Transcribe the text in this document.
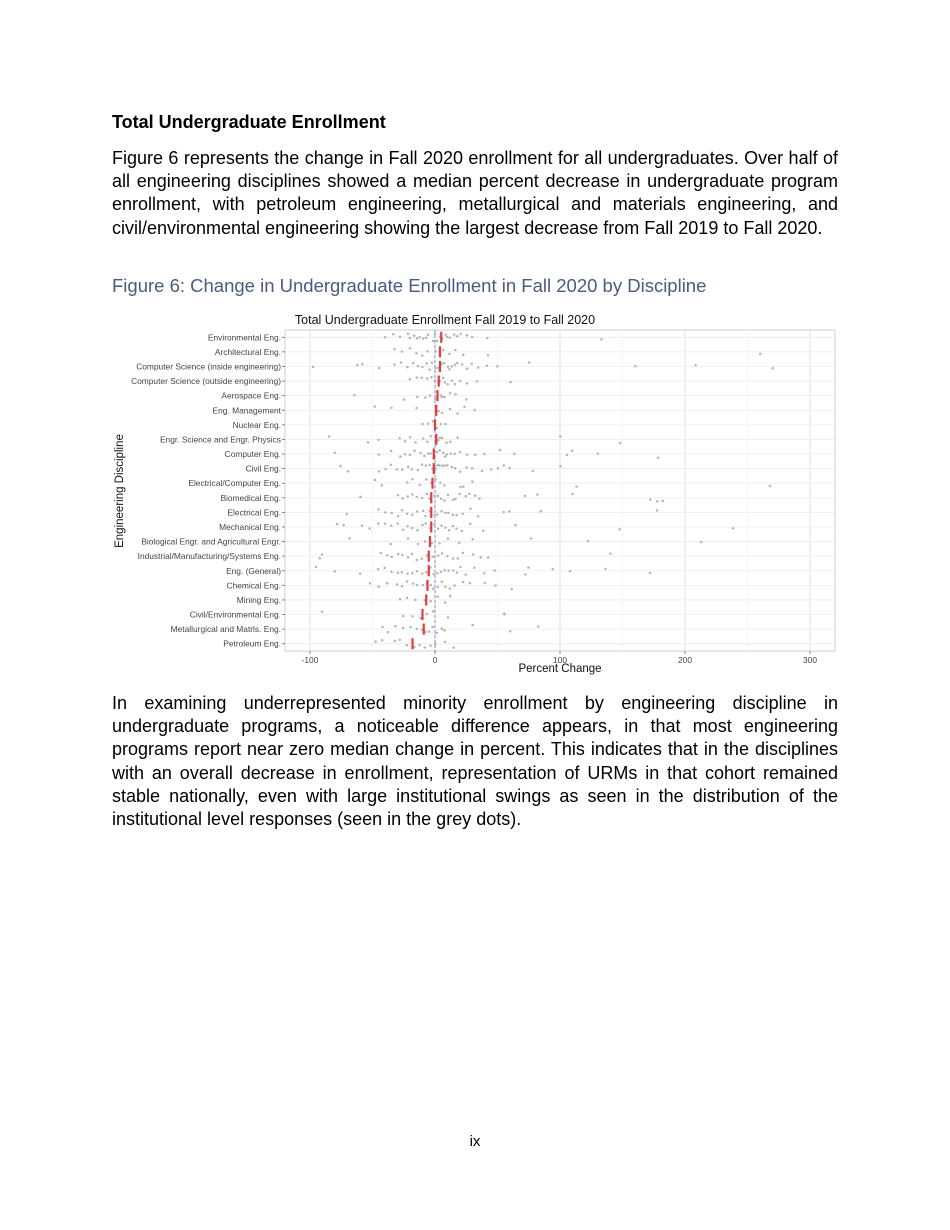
Total Undergraduate Enrollment

Figure 6 represents the change in Fall 2020 enrollment for all undergraduates. Over half of all engineering disciplines showed a median percent decrease in undergraduate program enrollment, with petroleum engineering, metallurgical and materials engineering, and civil/environmental engineering showing the largest decrease from Fall 2019 to Fall 2020.

Figure 6: Change in Undergraduate Enrollment in Fall 2020 by Discipline

Total Undergraduate Enrollment Fall 2019 to Fall 2020
Environmental Eng.
Architectural Eng.
Computer Science (inside engineering)
Computer Science (outside engineering)
Aerospace Eng.
Eng. Management
Nuclear Eng.
Engr. Science and Engr. Physics
Computer Eng.
Civil Eng.
Electrical/Computer Eng.
Biomedical Eng.
Electrical Eng.
Mechanical Eng.
Biological Engr. and Agricultural Engr.
Industrial/Manufacturing/Systems Eng.
Eng. (General)
Chemical Eng.
Mining Eng.
Civil/Environmental Eng.
Metallurgical and Matrls. Eng.
Petroleum Eng.
-100	0	100	200	300
Percent Change
Engineering Discipline

In examining underrepresented minority enrollment by engineering discipline in undergraduate programs, a noticeable difference appears, in that most engineering programs report near zero median change in percent. This indicates that in the disciplines with an overall decrease in enrollment, representation of URMs in that cohort remained stable nationally, even with large institutional swings as seen in the distribution of the institutional level responses (seen in the grey dots).

ix
